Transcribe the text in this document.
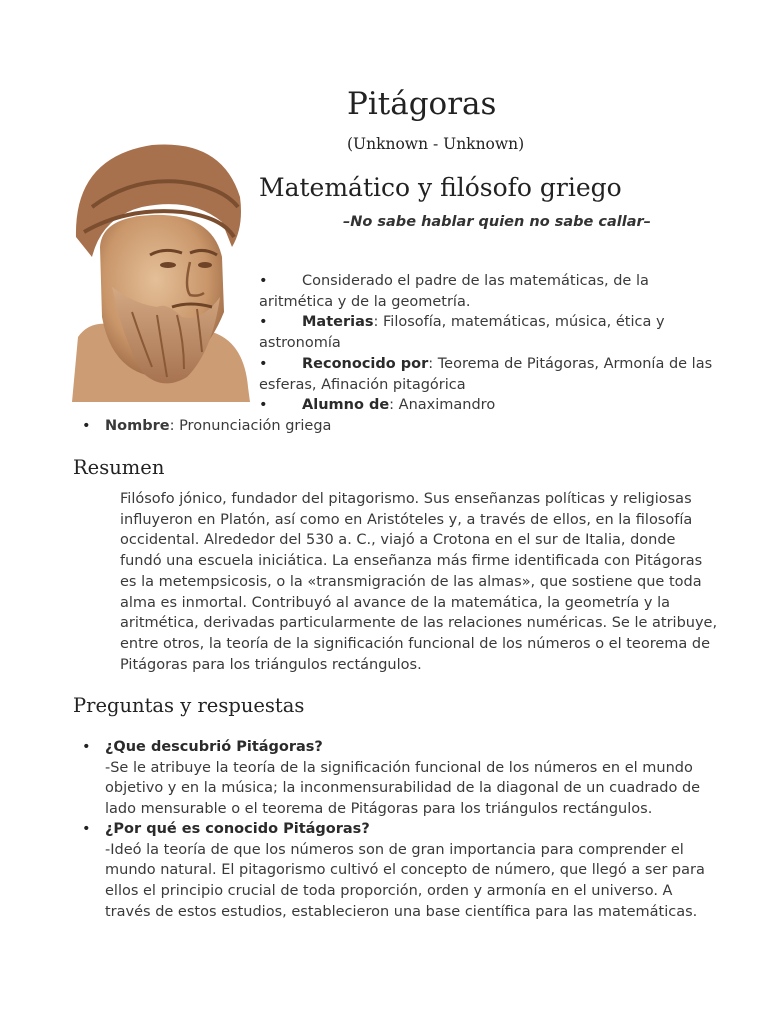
Pitágoras
(Unknown - Unknown)
Matemático y filósofo griego
–No sabe hablar quien no sabe callar–
• Considerado el padre de las matemáticas, de la aritmética y de la geometría.
• Materias: Filosofía, matemáticas, música, ética y astronomía
• Reconocido por: Teorema de Pitágoras, Armonía de las esferas, Afinación pitagórica
• Alumno de: Anaximandro
• Nombre: Pronunciación griega
Resumen

Filósofo jónico, fundador del pitagorismo. Sus enseñanzas políticas y religiosas influyeron en Platón, así como en Aristóteles y, a través de ellos, en la filosofía occidental. Alrededor del 530 a. C., viajó a Crotona en el sur de Italia, donde fundó una escuela iniciática. La enseñanza más firme identificada con Pitágoras es la metempsicosis, o la «transmigración de las almas», que sostiene que toda alma es inmortal. Contribuyó al avance de la matemática, la geometría y la aritmética, derivadas particularmente de las relaciones numéricas. Se le atribuye, entre otros, la teoría de la significación funcional de los números o el teorema de Pitágoras para los triángulos rectángulos.

Preguntas y respuestas
• ¿Que descubrió Pitágoras?
-Se le atribuye la teoría de la significación funcional de los números en el mundo objetivo y en la música; la inconmensurabilidad de la diagonal de un cuadrado de lado mensurable o el teorema de Pitágoras para los triángulos rectángulos.
• ¿Por qué es conocido Pitágoras?
-Ideó la teoría de que los números son de gran importancia para comprender el mundo natural. El pitagorismo cultivó el concepto de número, que llegó a ser para ellos el principio crucial de toda proporción, orden y armonía en el universo. A través de estos estudios, establecieron una base científica para las matemáticas.
